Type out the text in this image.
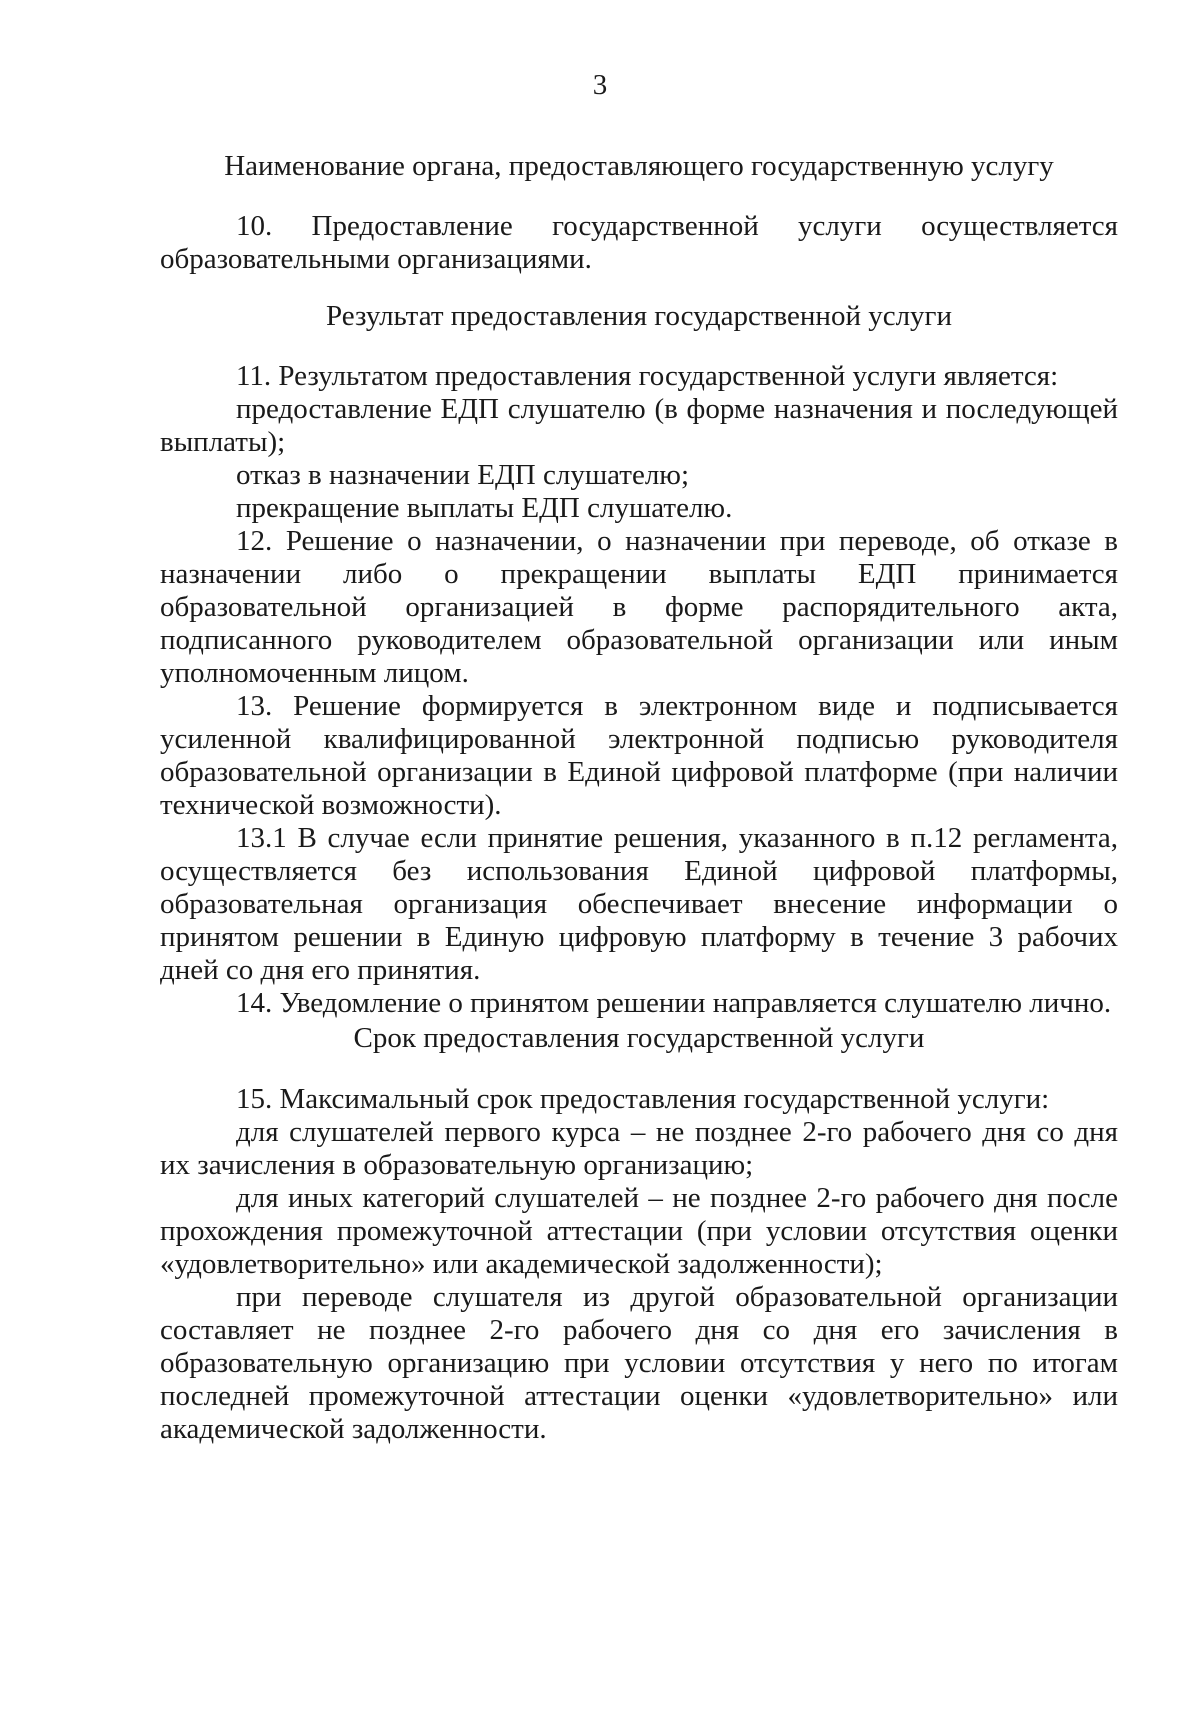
3
Наименование органа, предоставляющего государственную услугу

10. Предоставление государственной услуги осуществляется образовательными организациями.

Результат предоставления государственной услуги

11. Результатом предоставления государственной услуги является:

предоставление ЕДП слушателю (в форме назначения и последующей выплаты);

отказ в назначении ЕДП слушателю;

прекращение выплаты ЕДП слушателю.

12. Решение о назначении, о назначении при переводе, об отказе в назначении либо о прекращении выплаты ЕДП принимается образовательной организацией в форме распорядительного акта, подписанного руководителем образовательной организации или иным уполномоченным лицом.

13. Решение формируется в электронном виде и подписывается усиленной квалифицированной электронной подписью руководителя образовательной организации в Единой цифровой платформе (при наличии технической возможности).

13.1 В случае если принятие решения, указанного в п.12 регламента, осуществляется без использования Единой цифровой платформы, образовательная организация обеспечивает внесение информации о принятом решении в Единую цифровую платформу в течение 3 рабочих дней со дня его принятия.

14. Уведомление о принятом решении направляется слушателю лично.

Срок предоставления государственной услуги

15. Максимальный срок предоставления государственной услуги:

для слушателей первого курса – не позднее 2-го рабочего дня со дня их зачисления в образовательную организацию;

для иных категорий слушателей – не позднее 2-го рабочего дня после прохождения промежуточной аттестации (при условии отсутствия оценки «удовлетворительно» или академической задолженности);

при переводе слушателя из другой образовательной организации составляет не позднее 2-го рабочего дня со дня его зачисления в образовательную организацию при условии отсутствия у него по итогам последней промежуточной аттестации оценки «удовлетворительно» или академической задолженности.
